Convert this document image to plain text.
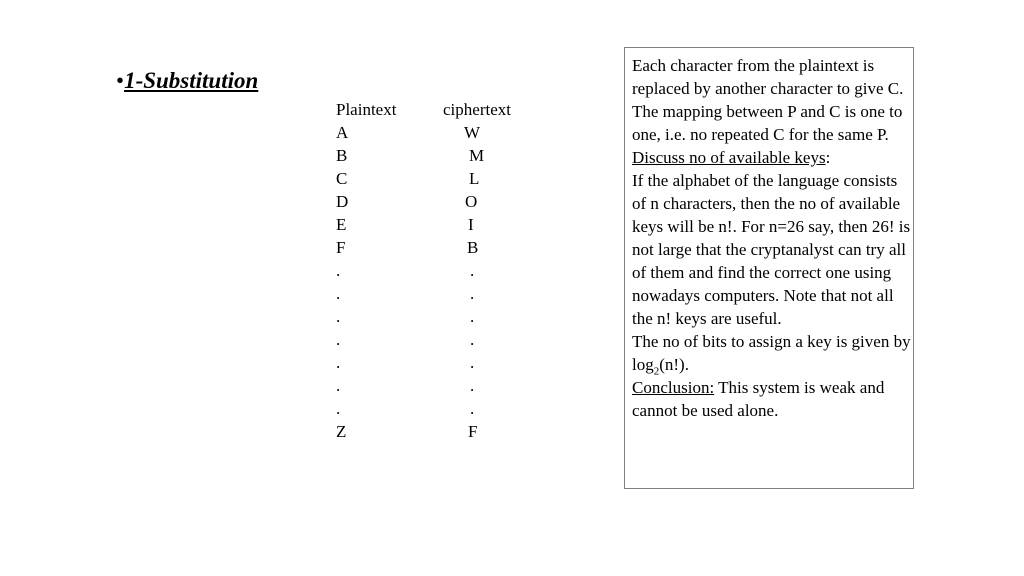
•1-Substitution
Plaintext	ciphertext
A	W
B	M
C	L
D	O
E	I
F	B
.	.
.	.
.	.
.	.
.	.
.	.
.	.
Z	F

Each character from the plaintext is replaced by another character to give C. The mapping between P and C is one to one, i.e. no repeated C for the same P.
Discuss no of available keys:
If the alphabet of the language consists of n characters, then the no of available keys will be n!. For n=26 say, then 26! is not large that the cryptanalyst can try all of them and find the correct one using nowadays computers. Note that not all the n! keys are useful.
The no of bits to assign a key is given by $\log_2(n!)$.
Conclusion: This system is weak and cannot be used alone.
